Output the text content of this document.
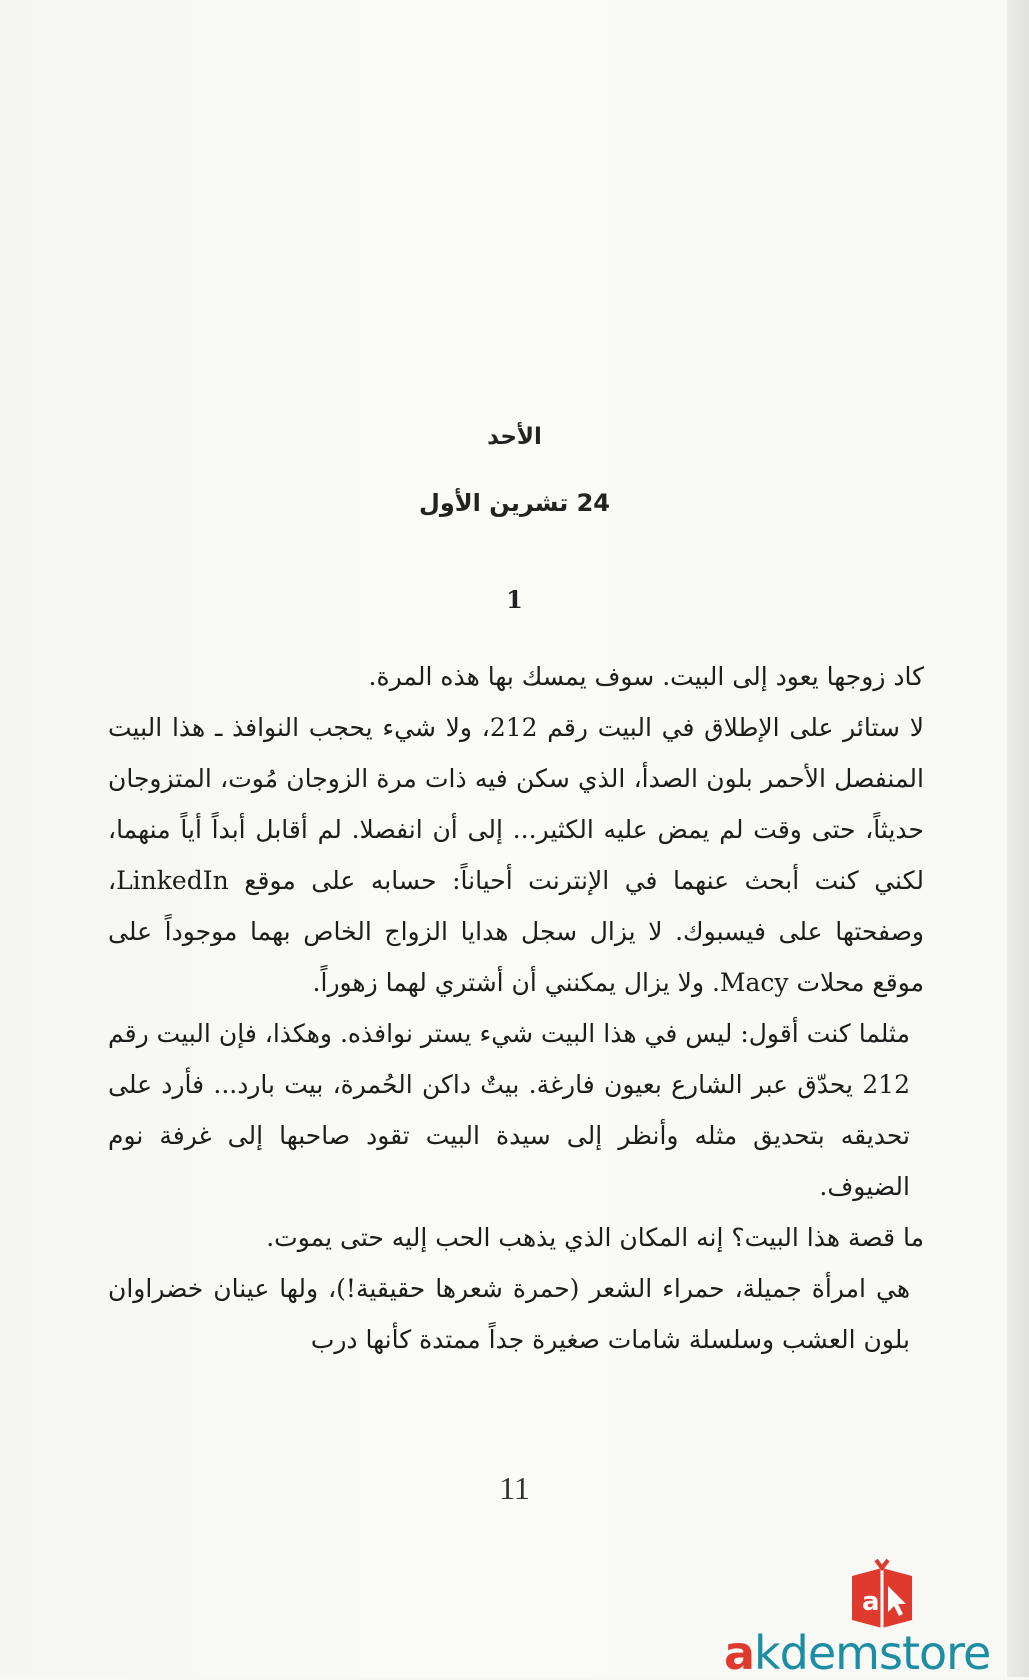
الأحد
24 تشرين الأول
1

كاد زوجها يعود إلى البيت. سوف يمسك بها هذه المرة.

لا ستائر على الإطلاق في البيت رقم 212، ولا شيء يحجب النوافذ ـ هذا البيت المنفصل الأحمر بلون الصدأ، الذي سكن فيه ذات مرة الزوجان مُوت، المتزوجان حديثاً، حتى وقت لم يمض عليه الكثير... إلى أن انفصلا. لم أقابل أبداً أياً منهما، لكني كنت أبحث عنهما في الإنترنت أحياناً: حسابه على موقع LinkedIn، وصفحتها على فيسبوك. لا يزال سجل هدايا الزواج الخاص بهما موجوداً على موقع محلات Macy. ولا يزال يمكنني أن أشتري لهما زهوراً.

مثلما كنت أقول: ليس في هذا البيت شيء يستر نوافذه. وهكذا، فإن البيت رقم 212 يحدّق عبر الشارع بعيون فارغة. بيتٌ داكن الحُمرة، بيت بارد... فأرد على تحديقه بتحديق مثله وأنظر إلى سيدة البيت تقود صاحبها إلى غرفة نوم الضيوف.

ما قصة هذا البيت؟ إنه المكان الذي يذهب الحب إليه حتى يموت.

هي امرأة جميلة، حمراء الشعر (حمرة شعرها حقيقية!)، ولها عينان خضراوان بلون العشب وسلسلة شامات صغيرة جداً ممتدة كأنها درب

11
a
akdemstore
